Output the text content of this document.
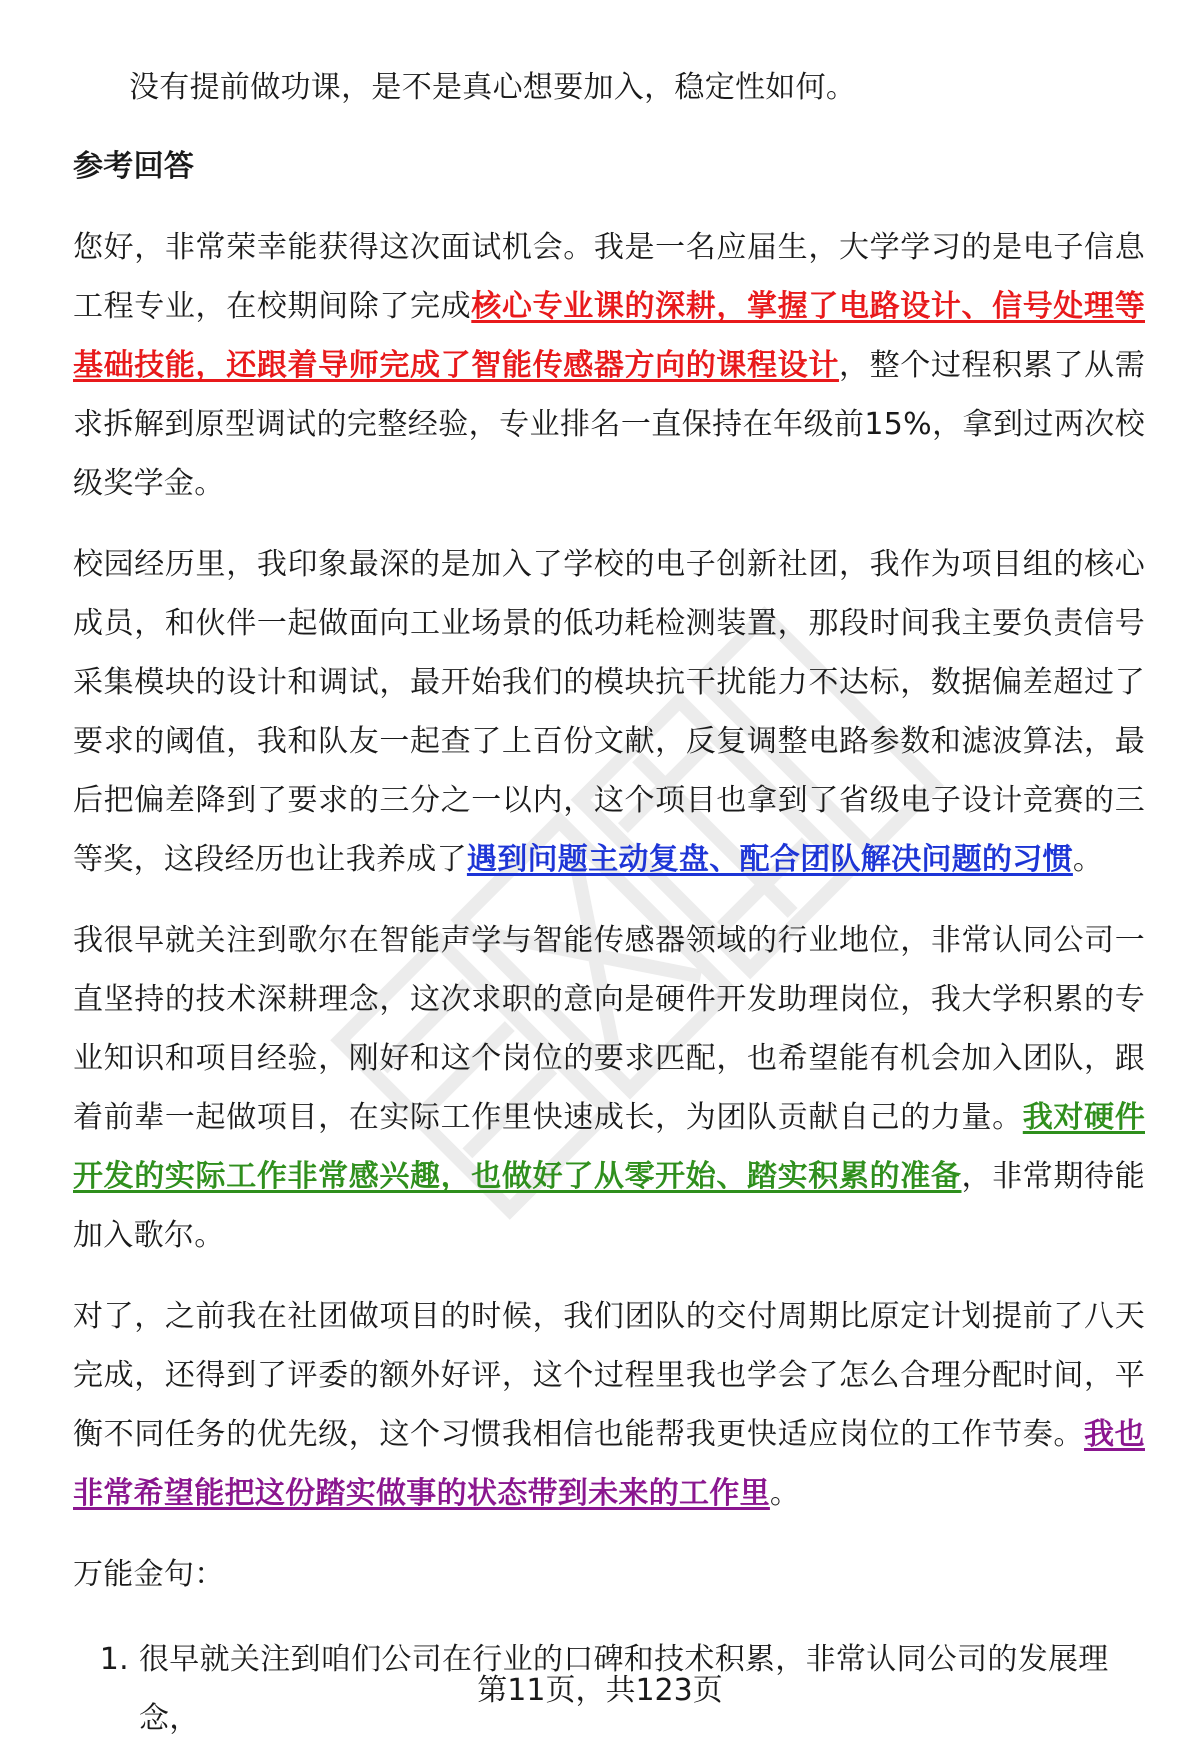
没有提前做功课，是不是真心想要加入，稳定性如何。

参考回答

您好，非常荣幸能获得这次面试机会。我是一名应届生，大学学习的是电子信息工程专业，在校期间除了完成核心专业课的深耕，掌握了电路设计、信号处理等基础技能，还跟着导师完成了智能传感器方向的课程设计，整个过程积累了从需求拆解到原型调试的完整经验，专业排名一直保持在年级前15%，拿到过两次校级奖学金。

校园经历里，我印象最深的是加入了学校的电子创新社团，我作为项目组的核心成员，和伙伴一起做面向工业场景的低功耗检测装置，那段时间我主要负责信号采集模块的设计和调试，最开始我们的模块抗干扰能力不达标，数据偏差超过了要求的阈值，我和队友一起查了上百份文献，反复调整电路参数和滤波算法，最后把偏差降到了要求的三分之一以内，这个项目也拿到了省级电子设计竞赛的三等奖，这段经历也让我养成了遇到问题主动复盘、配合团队解决问题的习惯。

我很早就关注到歌尔在智能声学与智能传感器领域的行业地位，非常认同公司一直坚持的技术深耕理念，这次求职的意向是硬件开发助理岗位，我大学积累的专业知识和项目经验，刚好和这个岗位的要求匹配，也希望能有机会加入团队，跟着前辈一起做项目，在实际工作里快速成长，为团队贡献自己的力量。我对硬件开发的实际工作非常感兴趣，也做好了从零开始、踏实积累的准备，非常期待能加入歌尔。

对了，之前我在社团做项目的时候，我们团队的交付周期比原定计划提前了八天完成，还得到了评委的额外好评，这个过程里我也学会了怎么合理分配时间，平衡不同任务的优先级，这个习惯我相信也能帮我更快适应岗位的工作节奏。我也非常希望能把这份踏实做事的状态带到未来的工作里。

万能金句：

1. 很早就关注到咱们公司在行业的口碑和技术积累，非常认同公司的发展理念，
第11页，共123页
